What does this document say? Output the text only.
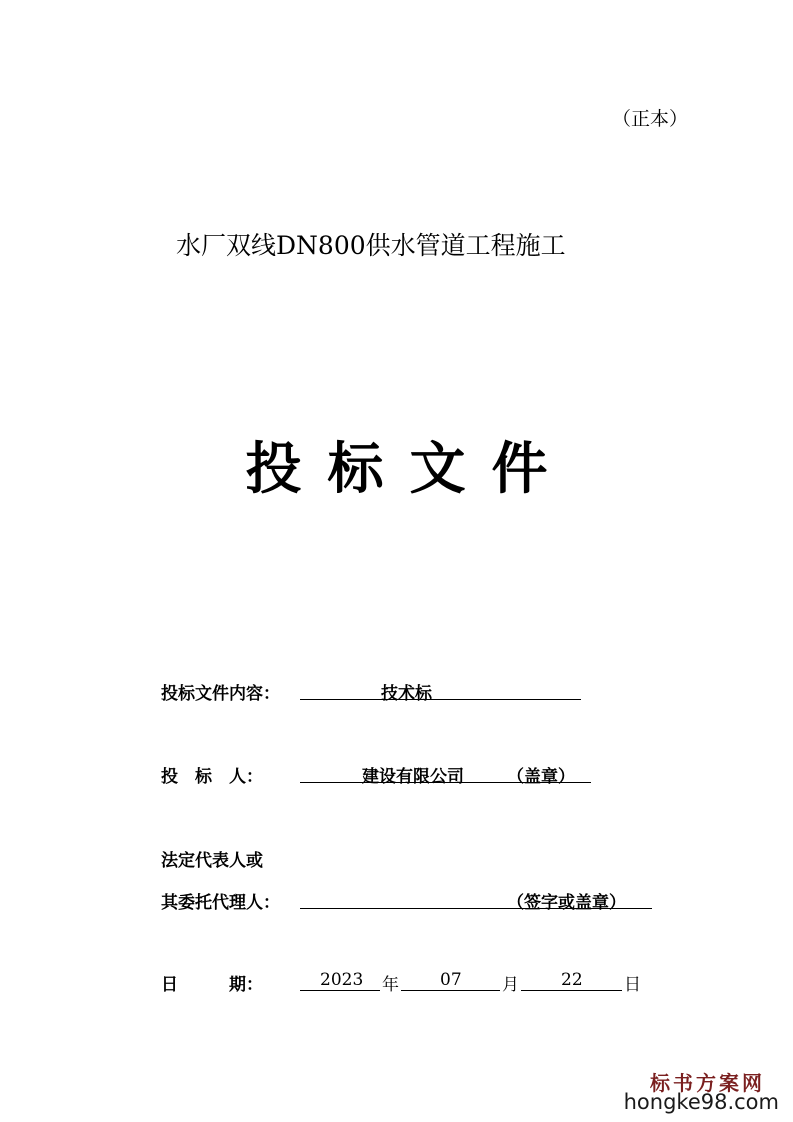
（正本）
水厂双线DN800供水管道工程施工
投标文件
投标文件内容：	技术标
投　标　人：	建设有限公司	（盖章）
法定代表人或
其委托代理人：	（签字或盖章）
日　　　期：	2023 年 07 月 22 日
标书方案网
hongke98.com
